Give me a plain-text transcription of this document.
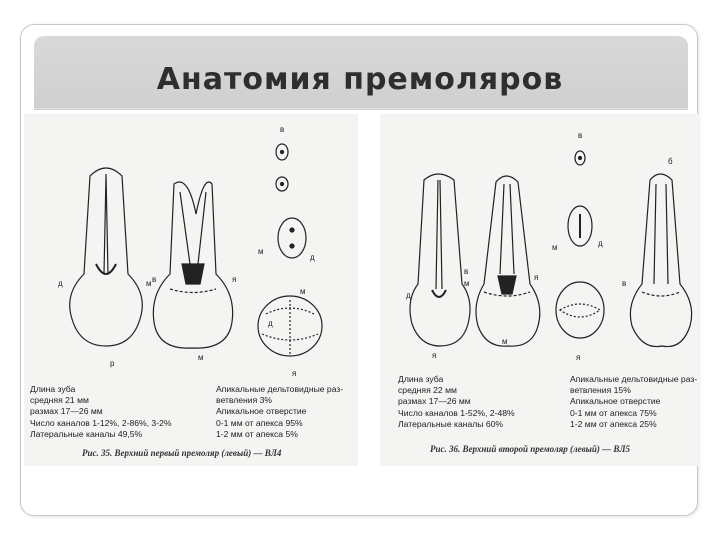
Анатомия премоляров
д	м
р
в	я
м
в
м
д
м
д
я
Длина зуба
средняя 21 мм
размах 17—26 мм
Число каналов 1-12%, 2-86%, 3-2%
Латеральные каналы 49,5%
Апикальные дельтовидные раз-
ветвления 3%
Апикальное отверстие
0-1 мм от апекса 95%
1-2 мм от апекса 5%
Рис. 35. Верхний первый премоляр (левый) — ВЛ4
д
м
я
в
я
м
в
м	д
я
б
в
Длина зуба
средняя 22 мм
размах 17—26 мм
Число каналов 1-52%, 2-48%
Латеральные каналы 60%
Апикальные дельтовидные раз-
ветвления 15%
Апикальное отверстие
0-1 мм от апекса 75%
1-2 мм от апекса 25%
Рис. 36. Верхний второй премоляр (левый) — ВЛ5
